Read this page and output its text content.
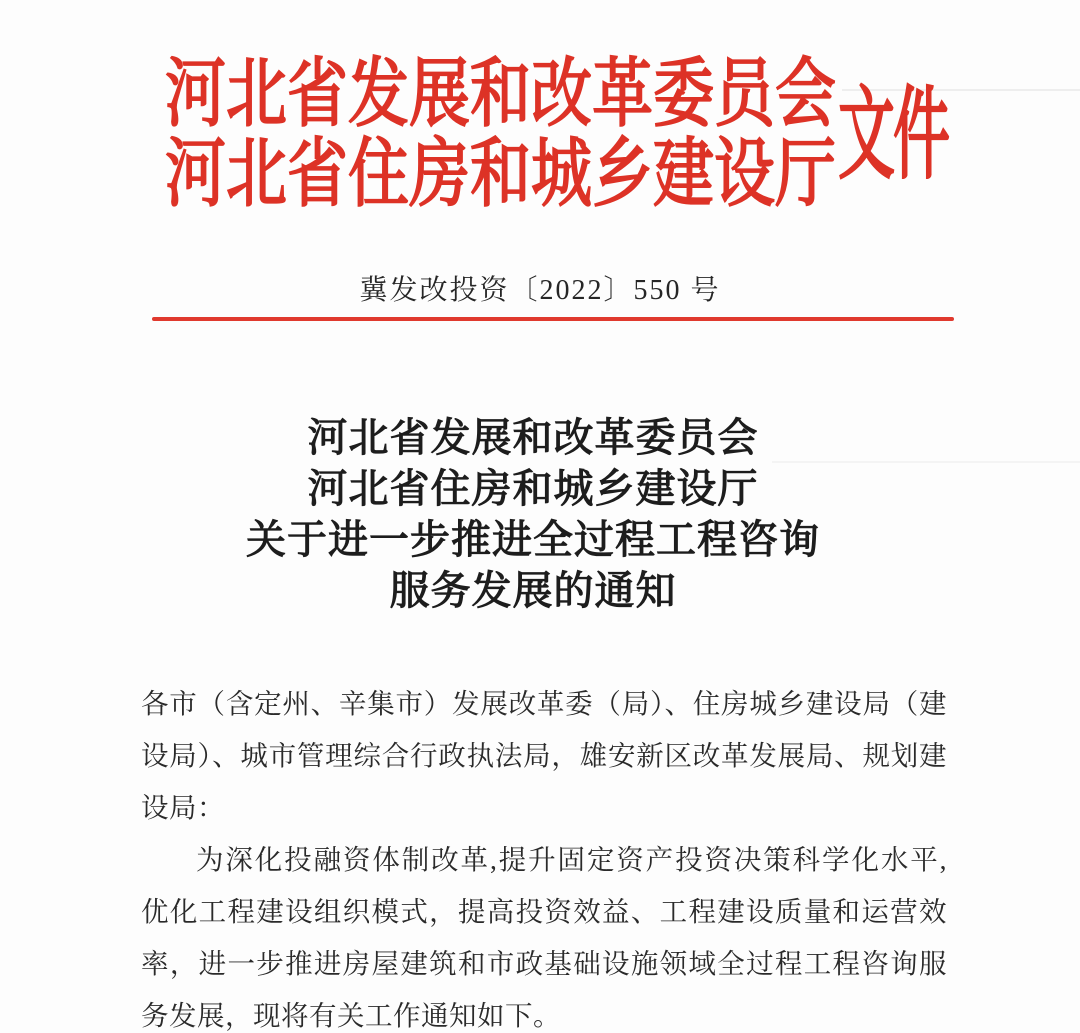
河北省发展和改革委员会
河北省住房和城乡建设厅 文件
冀发改投资〔2022〕550 号
河北省发展和改革委员会
河北省住房和城乡建设厅
关于进一步推进全过程工程咨询
服务发展的通知
各市（含定州、辛集市）发展改革委（局）、住房城乡建设局（建
设局）、城市管理综合行政执法局，雄安新区改革发展局、规划建
设局：
为深化投融资体制改革,提升固定资产投资决策科学化水平,
优化工程建设组织模式，提高投资效益、工程建设质量和运营效
率，进一步推进房屋建筑和市政基础设施领域全过程工程咨询服
务发展，现将有关工作通知如下。
